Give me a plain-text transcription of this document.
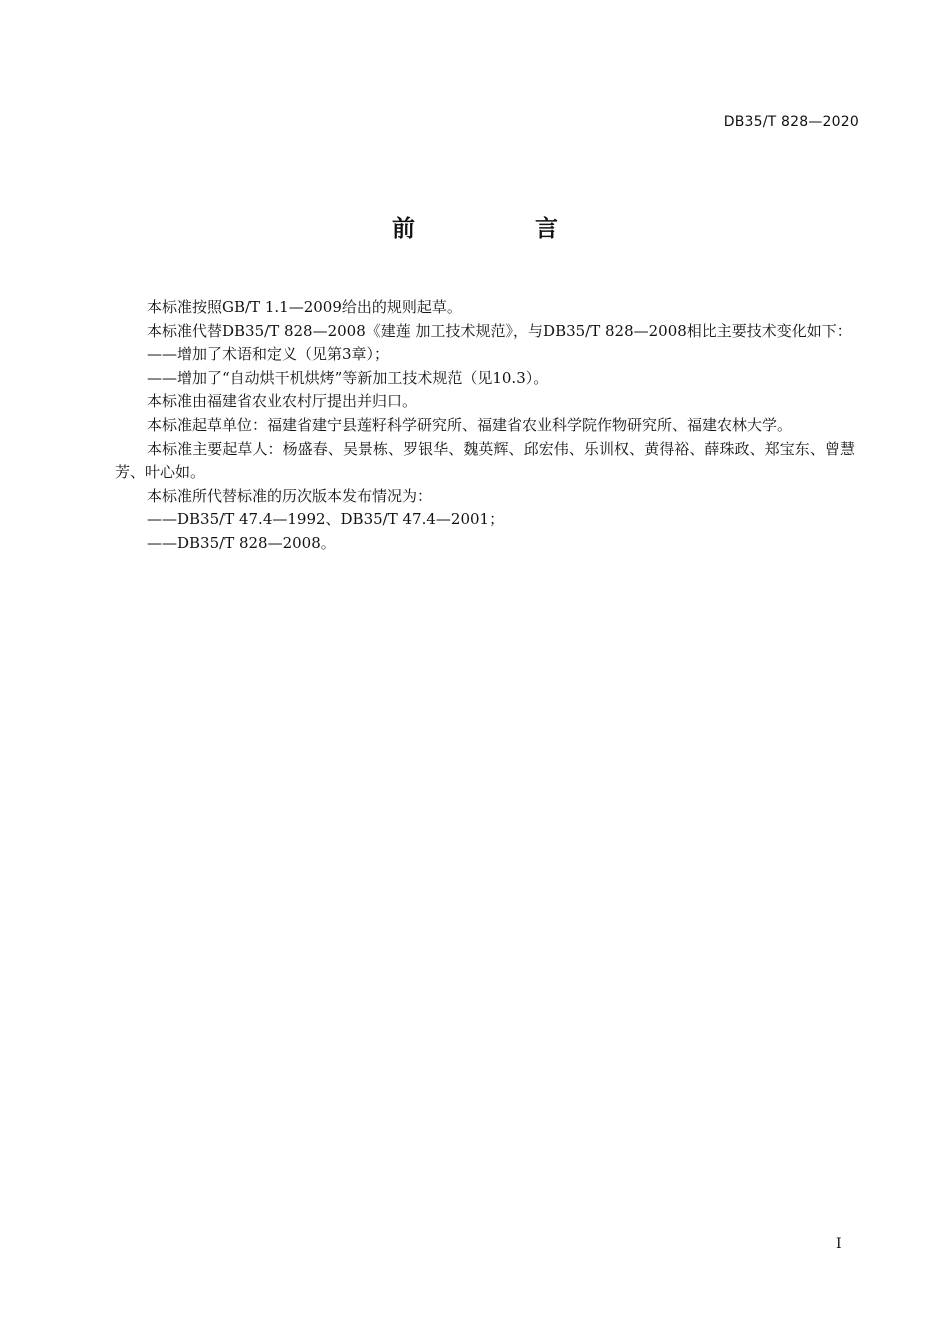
DB35/T 828—2020
前 言

本标准按照GB/T 1.1—2009给出的规则起草。

本标准代替DB35/T 828—2008《建莲 加工技术规范》，与DB35/T 828—2008相比主要技术变化如下：

——增加了术语和定义（见第3章）；

——增加了“自动烘干机烘烤”等新加工技术规范（见10.3）。

本标准由福建省农业农村厅提出并归口。

本标准起草单位：福建省建宁县莲籽科学研究所、福建省农业科学院作物研究所、福建农林大学。

本标准主要起草人：杨盛春、吴景栋、罗银华、魏英辉、邱宏伟、乐训权、黄得裕、薛珠政、郑宝东、曾慧芳、叶心如。

本标准所代替标准的历次版本发布情况为：

——DB35/T 47.4—1992、DB35/T 47.4—2001；

——DB35/T 828—2008。

I
